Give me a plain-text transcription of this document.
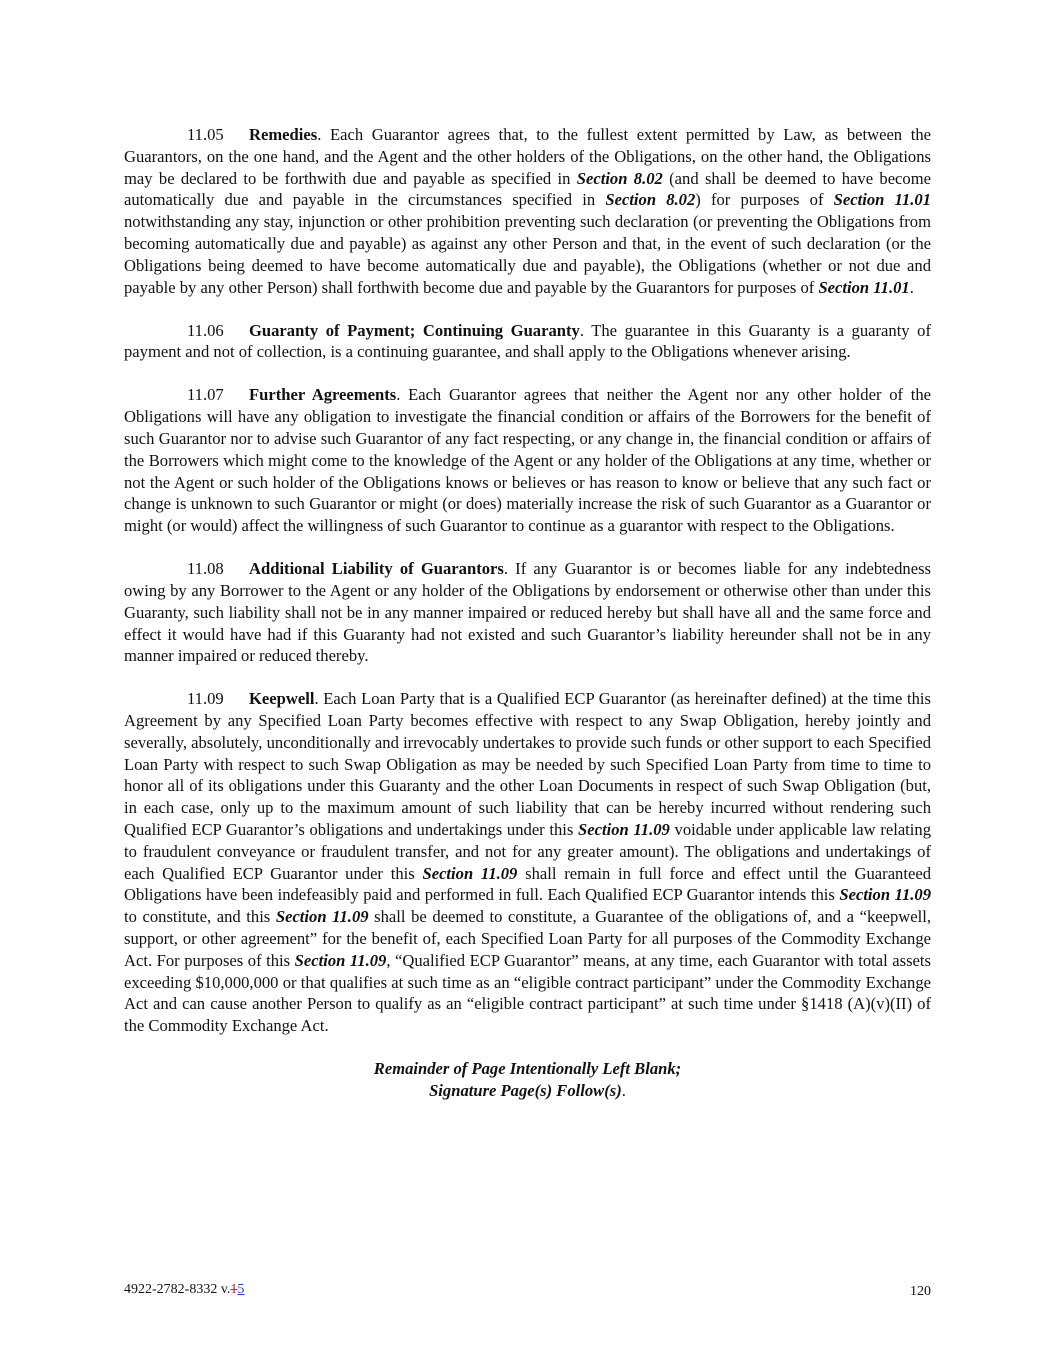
11.05 Remedies. Each Guarantor agrees that, to the fullest extent permitted by Law, as between the Guarantors, on the one hand, and the Agent and the other holders of the Obligations, on the other hand, the Obligations may be declared to be forthwith due and payable as specified in Section 8.02 (and shall be deemed to have become automatically due and payable in the circumstances specified in Section 8.02) for purposes of Section 11.01 notwithstanding any stay, injunction or other prohibition preventing such declaration (or preventing the Obligations from becoming automatically due and payable) as against any other Person and that, in the event of such declaration (or the Obligations being deemed to have become automatically due and payable), the Obligations (whether or not due and payable by any other Person) shall forthwith become due and payable by the Guarantors for purposes of Section 11.01.

11.06 Guaranty of Payment; Continuing Guaranty. The guarantee in this Guaranty is a guaranty of payment and not of collection, is a continuing guarantee, and shall apply to the Obligations whenever arising.

11.07 Further Agreements. Each Guarantor agrees that neither the Agent nor any other holder of the Obligations will have any obligation to investigate the financial condition or affairs of the Borrowers for the benefit of such Guarantor nor to advise such Guarantor of any fact respecting, or any change in, the financial condition or affairs of the Borrowers which might come to the knowledge of the Agent or any holder of the Obligations at any time, whether or not the Agent or such holder of the Obligations knows or believes or has reason to know or believe that any such fact or change is unknown to such Guarantor or might (or does) materially increase the risk of such Guarantor as a Guarantor or might (or would) affect the willingness of such Guarantor to continue as a guarantor with respect to the Obligations.

11.08 Additional Liability of Guarantors. If any Guarantor is or becomes liable for any indebtedness owing by any Borrower to the Agent or any holder of the Obligations by endorsement or otherwise other than under this Guaranty, such liability shall not be in any manner impaired or reduced hereby but shall have all and the same force and effect it would have had if this Guaranty had not existed and such Guarantor’s liability hereunder shall not be in any manner impaired or reduced thereby.

11.09 Keepwell. Each Loan Party that is a Qualified ECP Guarantor (as hereinafter defined) at the time this Agreement by any Specified Loan Party becomes effective with respect to any Swap Obligation, hereby jointly and severally, absolutely, unconditionally and irrevocably undertakes to provide such funds or other support to each Specified Loan Party with respect to such Swap Obligation as may be needed by such Specified Loan Party from time to time to honor all of its obligations under this Guaranty and the other Loan Documents in respect of such Swap Obligation (but, in each case, only up to the maximum amount of such liability that can be hereby incurred without rendering such Qualified ECP Guarantor’s obligations and undertakings under this Section 11.09 voidable under applicable law relating to fraudulent conveyance or fraudulent transfer, and not for any greater amount). The obligations and undertakings of each Qualified ECP Guarantor under this Section 11.09 shall remain in full force and effect until the Guaranteed Obligations have been indefeasibly paid and performed in full. Each Qualified ECP Guarantor intends this Section 11.09 to constitute, and this Section 11.09 shall be deemed to constitute, a Guarantee of the obligations of, and a “keepwell, support, or other agreement” for the benefit of, each Specified Loan Party for all purposes of the Commodity Exchange Act. For purposes of this Section 11.09, “Qualified ECP Guarantor” means, at any time, each Guarantor with total assets exceeding $10,000,000 or that qualifies at such time as an “eligible contract participant” under the Commodity Exchange Act and can cause another Person to qualify as an “eligible contract participant” at such time under §1418 (A)(v)(II) of the Commodity Exchange Act.

Remainder of Page Intentionally Left Blank;
Signature Page(s) Follow(s).
4922-2782-8332 v.15	120
